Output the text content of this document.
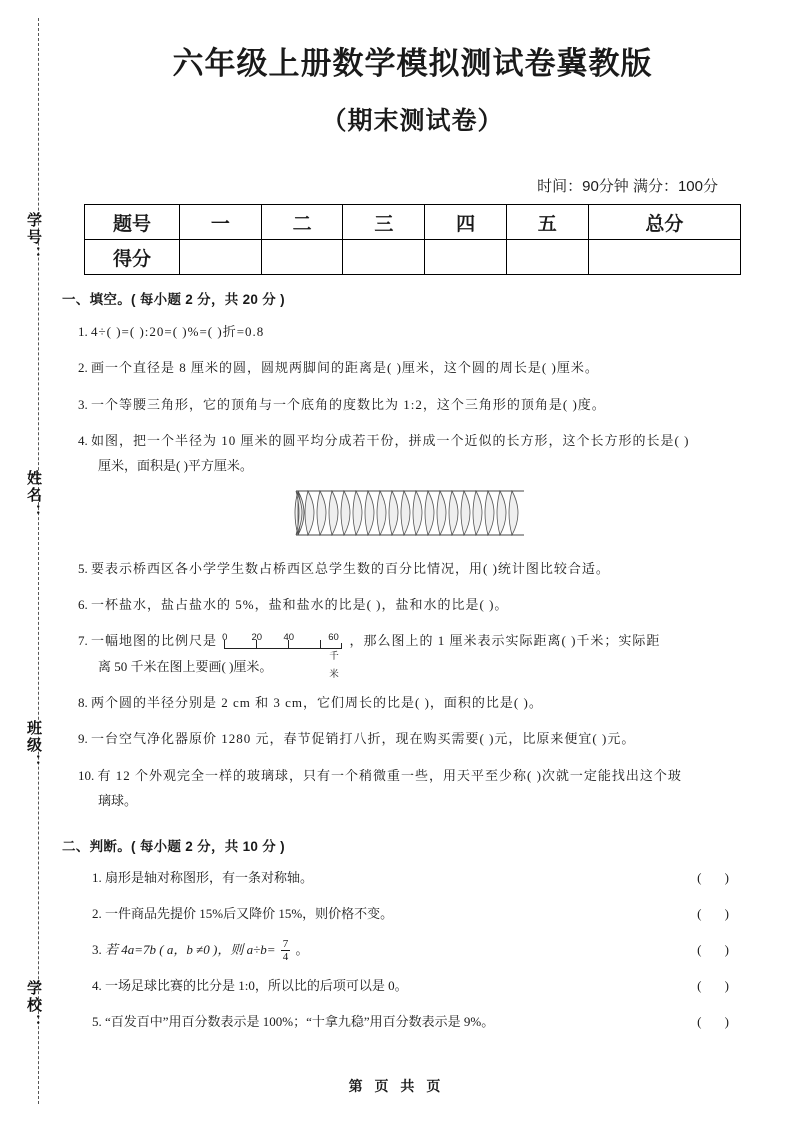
学号：
姓名：
班级：
学校：
六年级上册数学模拟测试卷冀教版
（期末测试卷）
时间：90分钟 满分：100分
题号	一	二	三	四	五	总分
得分						
一、填空。( 每小题 2 分，共 20 分 )
1. 4÷( )=( ):20=( )%=( )折=0.8
2. 画一个直径是 8 厘米的圆，圆规两脚间的距离是( )厘米，这个圆的周长是( )厘米。
3. 一个等腰三角形，它的顶角与一个底角的度数比为 1:2，这个三角形的顶角是( )度。
4. 如图，把一个半径为 10 厘米的圆平均分成若干份，拼成一个近似的长方形，这个长方形的长是( )
厘米，面积是( )平方厘米。
5. 要表示桥西区各小学学生数占桥西区总学生数的百分比情况，用( )统计图比较合适。
6. 一杯盐水，盐占盐水的 5%，盐和盐水的比是( )，盐和水的比是( )。
7. 一幅地图的比例尺是 0	20 40	60 千米
，那么图上的 1 厘米表示实际距离( )千米；实际距
离 50 千米在图上要画( )厘米。
8. 两个圆的半径分别是 2 cm 和 3 cm，它们周长的比是( )，面积的比是( )。
9. 一台空气净化器原价 1280 元，春节促销打八折，现在购买需要( )元，比原来便宜( )元。
10. 有 12 个外观完全一样的玻璃球，只有一个稍微重一些，用天平至少称( )次就一定能找出这个玻
璃球。
二、判断。( 每小题 2 分，共 10 分 )
1. 扇形是轴对称图形，有一条对称轴。	( )
2. 一件商品先提价 15%后又降价 15%，则价格不变。	( )
3. 若 4a=7b ( a，b ≠0 )，则 $a\div b= \frac{7}{4}$ 。	( )
4. 一场足球比赛的比分是 1:0，所以比的后项可以是 0。	( )
5. “百发百中”用百分数表示是 100%；“十拿九稳”用百分数表示是 9%。	( )
第 页 共 页
